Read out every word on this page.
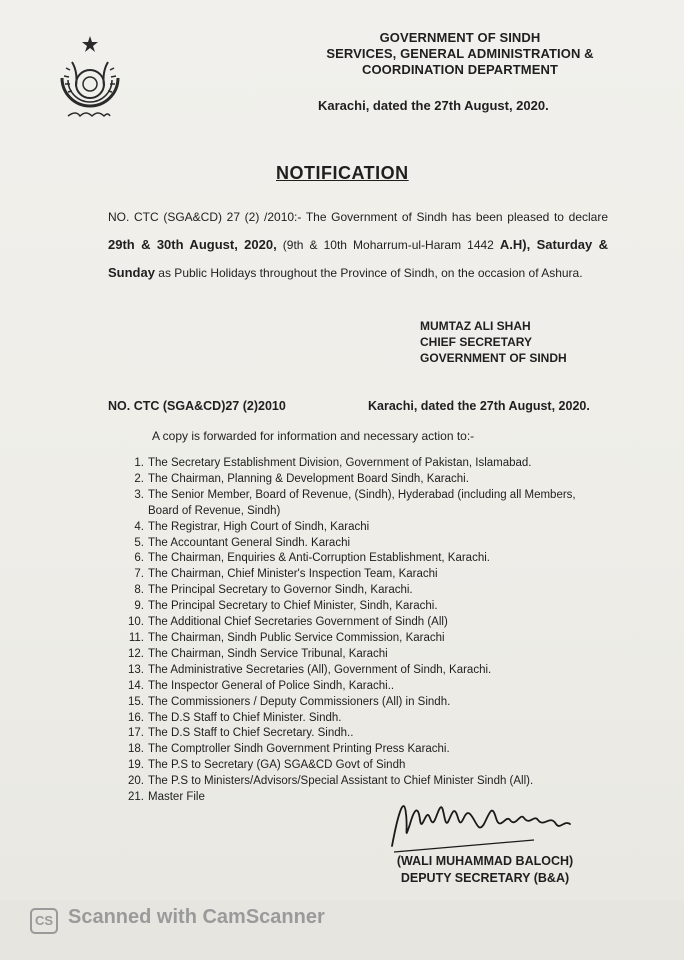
GOVERNMENT OF SINDH
SERVICES, GENERAL ADMINISTRATION &
COORDINATION DEPARTMENT
Karachi, dated the 27th August, 2020.
NOTIFICATION
NO. CTC (SGA&CD) 27 (2) /2010:- The Government of Sindh has been pleased to declare 29th & 30th August, 2020, (9th & 10th Moharrum-ul-Haram 1442 A.H), Saturday & Sunday as Public Holidays throughout the Province of Sindh, on the occasion of Ashura.
MUMTAZ ALI SHAH
CHIEF SECRETARY
GOVERNMENT OF SINDH
NO. CTC (SGA&CD)27 (2)2010	Karachi, dated the 27th August, 2020.
A copy is forwarded for information and necessary action to:-
1. The Secretary Establishment Division, Government of Pakistan, Islamabad.
2. The Chairman, Planning & Development Board Sindh, Karachi.
3. The Senior Member, Board of Revenue, (Sindh), Hyderabad (including all Members, Board of Revenue, Sindh)
4. The Registrar, High Court of Sindh, Karachi
5. The Accountant General Sindh. Karachi
6. The Chairman, Enquiries & Anti-Corruption Establishment, Karachi.
7. The Chairman, Chief Minister's Inspection Team, Karachi
8. The Principal Secretary to Governor Sindh, Karachi.
9. The Principal Secretary to Chief Minister, Sindh, Karachi.
10. The Additional Chief Secretaries Government of Sindh (All)
11. The Chairman, Sindh Public Service Commission, Karachi
12. The Chairman, Sindh Service Tribunal, Karachi
13. The Administrative Secretaries (All), Government of Sindh, Karachi.
14. The Inspector General of Police Sindh, Karachi..
15. The Commissioners / Deputy Commissioners (All) in Sindh.
16. The D.S Staff to Chief Minister. Sindh.
17. The D.S Staff to Chief Secretary. Sindh..
18. The Comptroller Sindh Government Printing Press Karachi.
19. The P.S to Secretary (GA) SGA&CD Govt of Sindh
20. The P.S to Ministers/Advisors/Special Assistant to Chief Minister Sindh (All).
21. Master File
(WALI MUHAMMAD BALOCH)
DEPUTY SECRETARY (B&A)
CS Scanned with CamScanner
